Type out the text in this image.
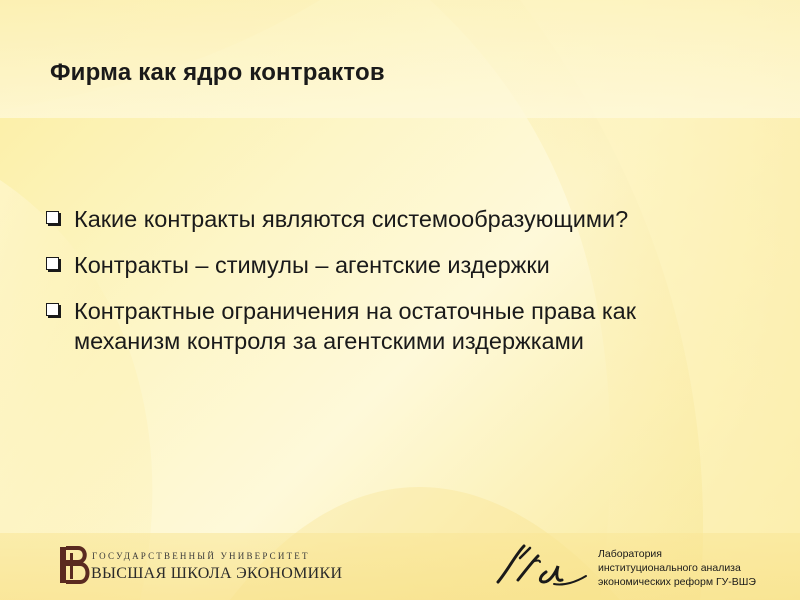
Фирма как ядро контрактов
Какие контракты являются системообразующими?
Контракты – стимулы – агентские издержки
Контрактные ограничения на остаточные права как механизм контроля за агентскими издержками
ГОСУДАРСТВЕННЫЙ УНИВЕРСИТЕТ
ВЫСШАЯ ШКОЛА ЭКОНОМИКИ
Лаборатория
институционального анализа
экономических реформ ГУ-ВШЭ
